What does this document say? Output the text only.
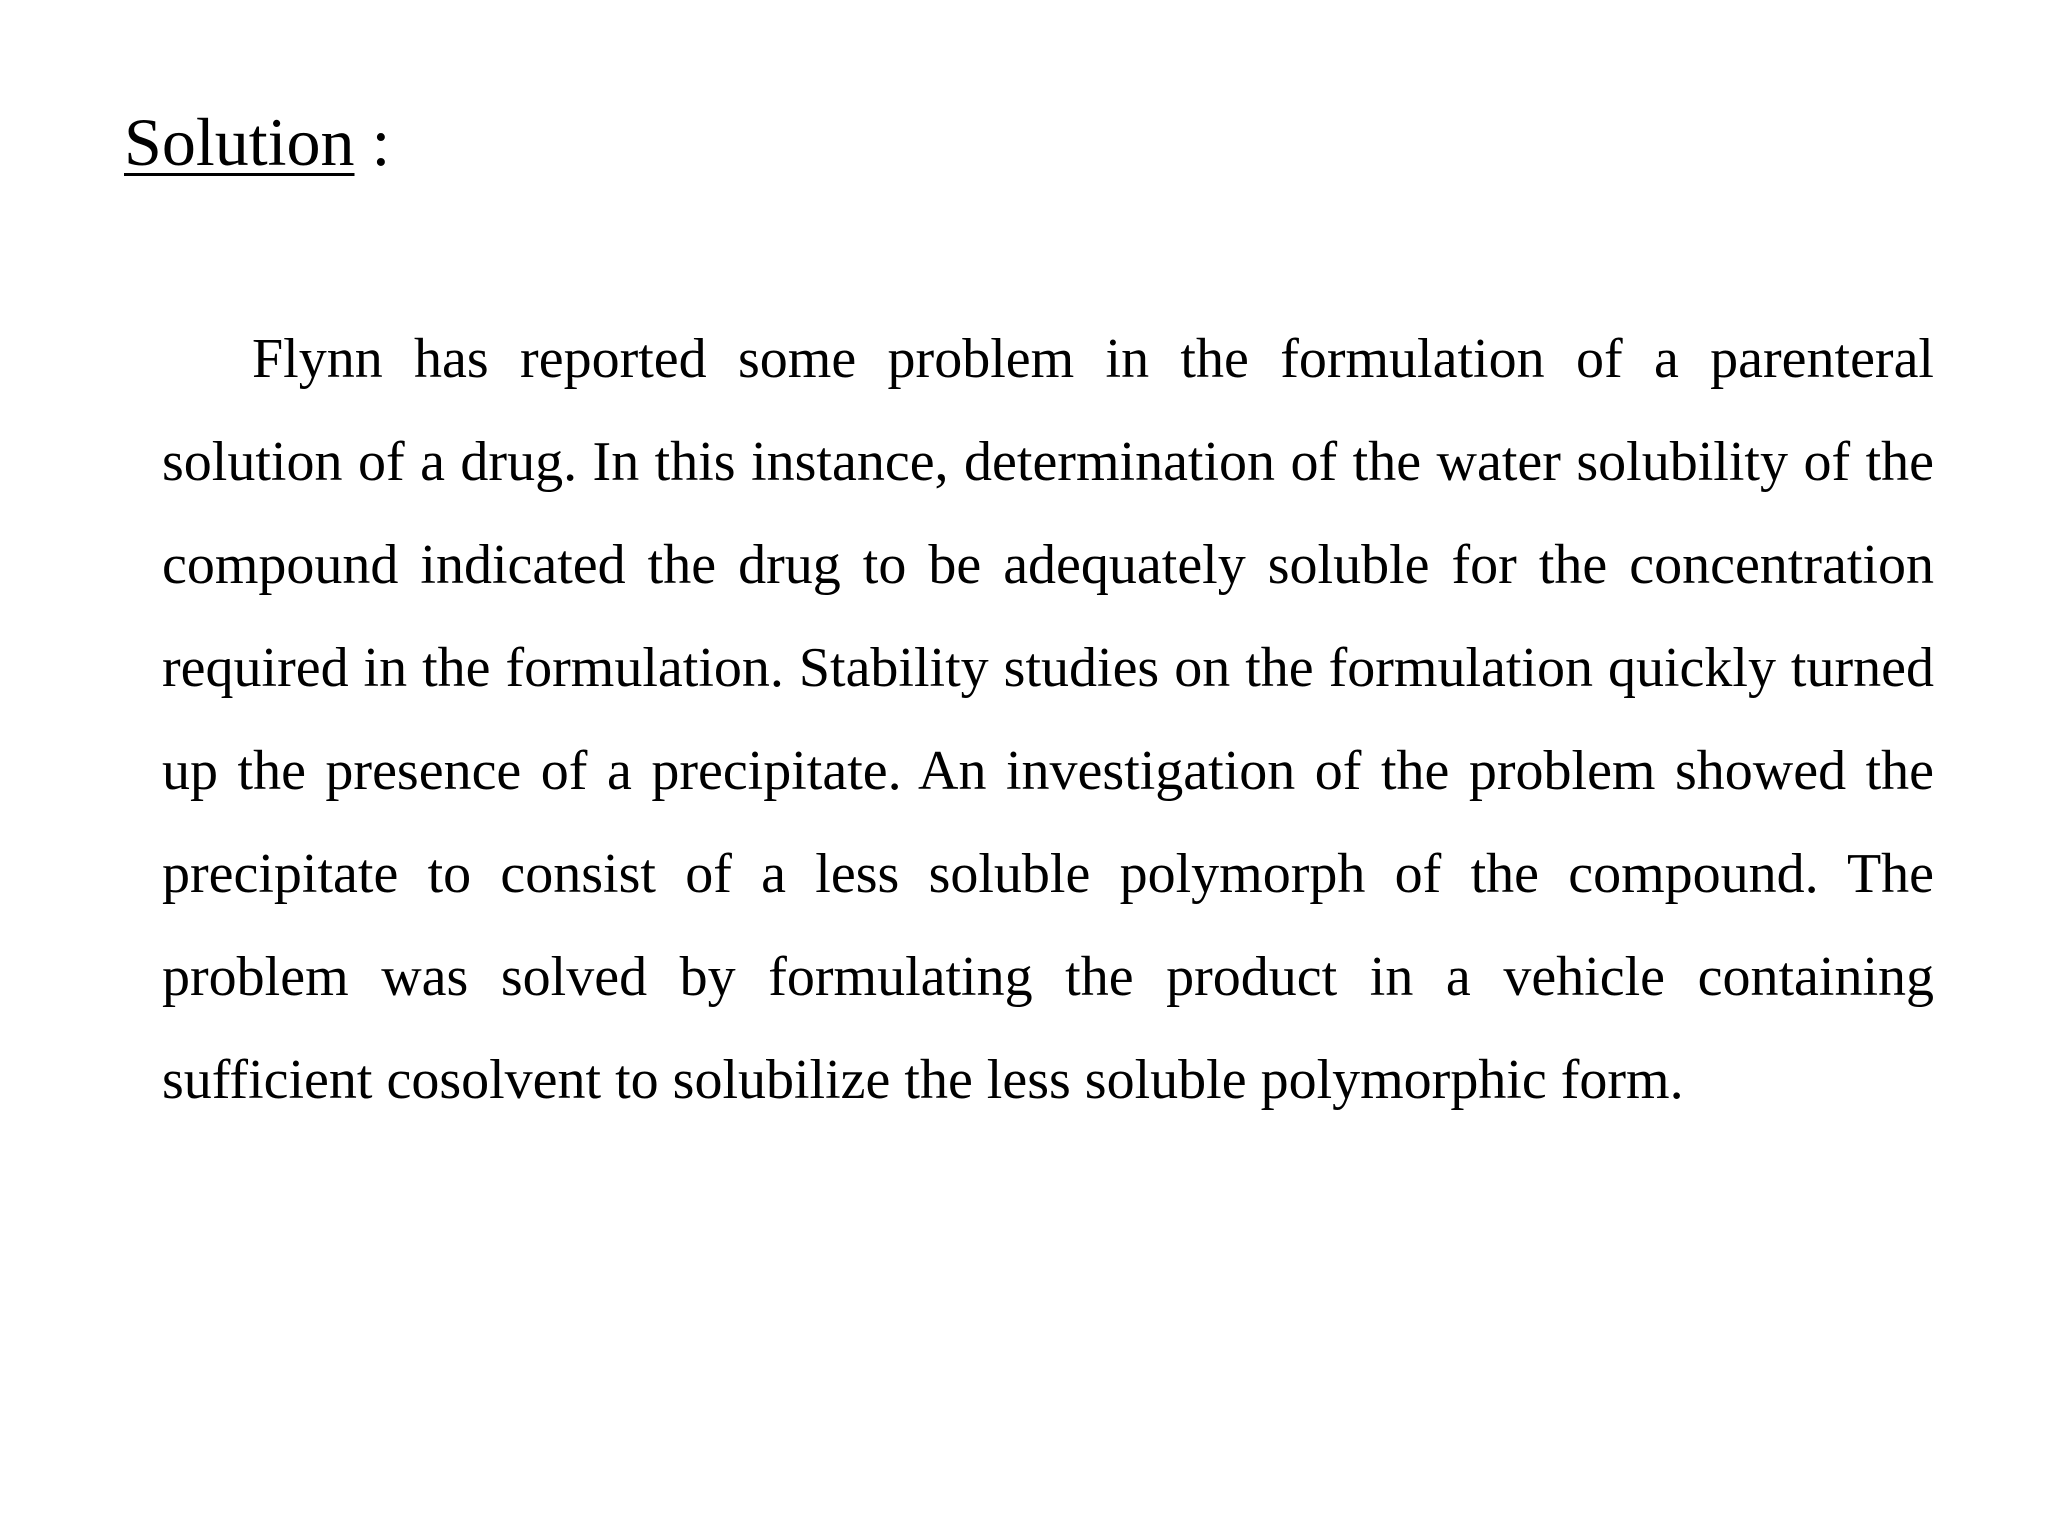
Solution :

Flynn has reported some problem in the formulation of a parenteral solution of a drug. In this instance, determination of the water solubility of the compound indicated the drug to be adequately soluble for the concentration required in the formulation. Stability studies on the formulation quickly turned up the presence of a precipitate. An investigation of the problem showed the precipitate to consist of a less soluble polymorph of the compound. The problem was solved by formulating the product in a vehicle containing sufficient cosolvent to solubilize the less soluble polymorphic form.
